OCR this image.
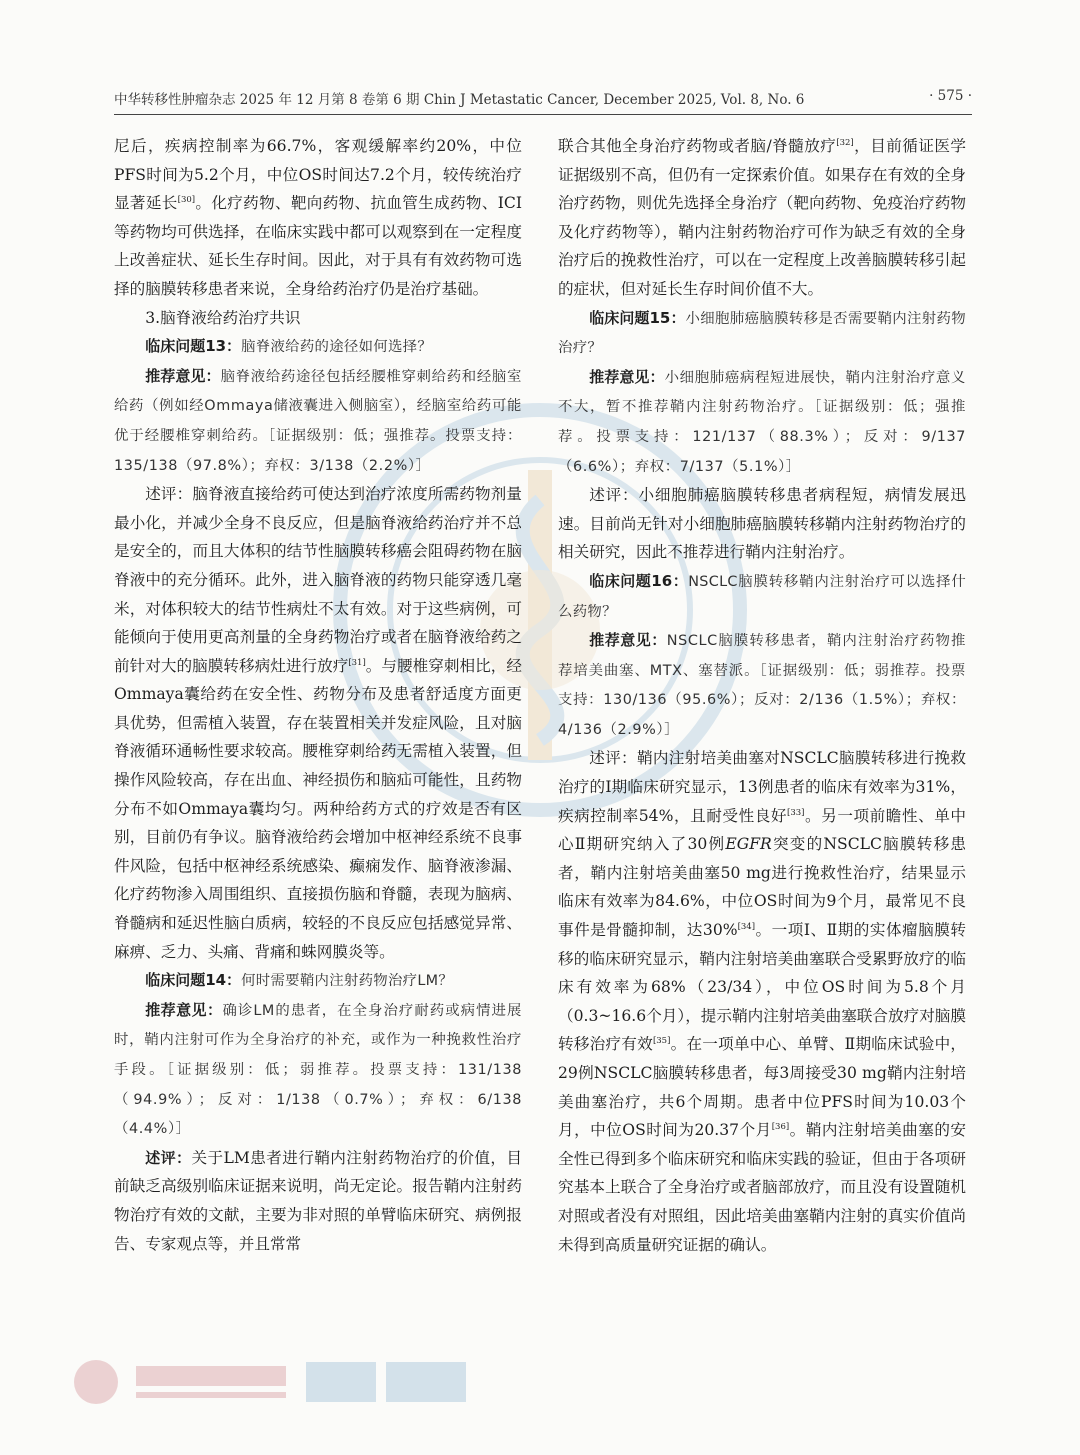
中华转移性肿瘤杂志 2025 年 12 月第 8 卷第 6 期 Chin J Metastatic Cancer, December 2025, Vol. 8, No. 6	· 575 ·

尼后，疾病控制率为66.7%，客观缓解率约20%，中位PFS时间为5.2个月，中位OS时间达7.2个月，较传统治疗显著延长[30]。化疗药物、靶向药物、抗血管生成药物、ICI等药物均可供选择，在临床实践中都可以观察到在一定程度上改善症状、延长生存时间。因此，对于具有有效药物可选择的脑膜转移患者来说，全身给药治疗仍是治疗基础。

3.脑脊液给药治疗共识

临床问题13：脑脊液给药的途径如何选择？

推荐意见：脑脊液给药途径包括经腰椎穿刺给药和经脑室给药（例如经Ommaya储液囊进入侧脑室），经脑室给药可能优于经腰椎穿刺给药。［证据级别：低；强推荐。投票支持：135/138（97.8%）；弃权：3/138（2.2%）］

述评：脑脊液直接给药可使达到治疗浓度所需药物剂量最小化，并减少全身不良反应，但是脑脊液给药治疗并不总是安全的，而且大体积的结节性脑膜转移癌会阻碍药物在脑脊液中的充分循环。此外，进入脑脊液的药物只能穿透几毫米，对体积较大的结节性病灶不太有效。对于这些病例，可能倾向于使用更高剂量的全身药物治疗或者在脑脊液给药之前针对大的脑膜转移病灶进行放疗[31]。与腰椎穿刺相比，经Ommaya囊给药在安全性、药物分布及患者舒适度方面更具优势，但需植入装置，存在装置相关并发症风险，且对脑脊液循环通畅性要求较高。腰椎穿刺给药无需植入装置，但操作风险较高，存在出血、神经损伤和脑疝可能性，且药物分布不如Ommaya囊均匀。两种给药方式的疗效是否有区别，目前仍有争议。脑脊液给药会增加中枢神经系统不良事件风险，包括中枢神经系统感染、癫痫发作、脑脊液渗漏、化疗药物渗入周围组织、直接损伤脑和脊髓，表现为脑病、脊髓病和延迟性脑白质病，较轻的不良反应包括感觉异常、麻痹、乏力、头痛、背痛和蛛网膜炎等。

临床问题14：何时需要鞘内注射药物治疗LM？

推荐意见：确诊LM的患者，在全身治疗耐药或病情进展时，鞘内注射可作为全身治疗的补充，或作为一种挽救性治疗手段。［证据级别：低；弱推荐。投票支持：131/138（94.9%）；反对：1/138（0.7%）；弃权：6/138（4.4%）］

述评：关于LM患者进行鞘内注射药物治疗的价值，目前缺乏高级别临床证据来说明，尚无定论。报告鞘内注射药物治疗有效的文献，主要为非对照的单臂临床研究、病例报告、专家观点等，并且常常

联合其他全身治疗药物或者脑/脊髓放疗[32]，目前循证医学证据级别不高，但仍有一定探索价值。如果存在有效的全身治疗药物，则优先选择全身治疗（靶向药物、免疫治疗药物及化疗药物等），鞘内注射药物治疗可作为缺乏有效的全身治疗后的挽救性治疗，可以在一定程度上改善脑膜转移引起的症状，但对延长生存时间价值不大。

临床问题15：小细胞肺癌脑膜转移是否需要鞘内注射药物治疗？

推荐意见：小细胞肺癌病程短进展快，鞘内注射治疗意义不大，暂不推荐鞘内注射药物治疗。［证据级别：低；强推荐。投票支持：121/137（88.3%）；反对：9/137（6.6%）；弃权：7/137（5.1%）］

述评：小细胞肺癌脑膜转移患者病程短，病情发展迅速。目前尚无针对小细胞肺癌脑膜转移鞘内注射药物治疗的相关研究，因此不推荐进行鞘内注射治疗。

临床问题16：NSCLC脑膜转移鞘内注射治疗可以选择什么药物？

推荐意见：NSCLC脑膜转移患者，鞘内注射治疗药物推荐培美曲塞、MTX、塞替派。［证据级别：低；弱推荐。投票支持：130/136（95.6%）；反对：2/136（1.5%）；弃权：4/136（2.9%）］

述评：鞘内注射培美曲塞对NSCLC脑膜转移进行挽救治疗的Ⅰ期临床研究显示，13例患者的临床有效率为31%，疾病控制率54%，且耐受性良好[33]。另一项前瞻性、单中心Ⅱ期研究纳入了30例EGFR突变的NSCLC脑膜转移患者，鞘内注射培美曲塞50 mg进行挽救性治疗，结果显示临床有效率为84.6%，中位OS时间为9个月，最常见不良事件是骨髓抑制，达30%[34]。一项Ⅰ、Ⅱ期的实体瘤脑膜转移的临床研究显示，鞘内注射培美曲塞联合受累野放疗的临床有效率为68%（23/34），中位OS时间为5.8个月（0.3~16.6个月），提示鞘内注射培美曲塞联合放疗对脑膜转移治疗有效[35]。在一项单中心、单臂、Ⅱ期临床试验中，29例NSCLC脑膜转移患者，每3周接受30 mg鞘内注射培美曲塞治疗，共6个周期。患者中位PFS时间为10.03个月，中位OS时间为20.37个月[36]。鞘内注射培美曲塞的安全性已得到多个临床研究和临床实践的验证，但由于各项研究基本上联合了全身治疗或者脑部放疗，而且没有设置随机对照或者没有对照组，因此培美曲塞鞘内注射的真实价值尚未得到高质量研究证据的确认。
